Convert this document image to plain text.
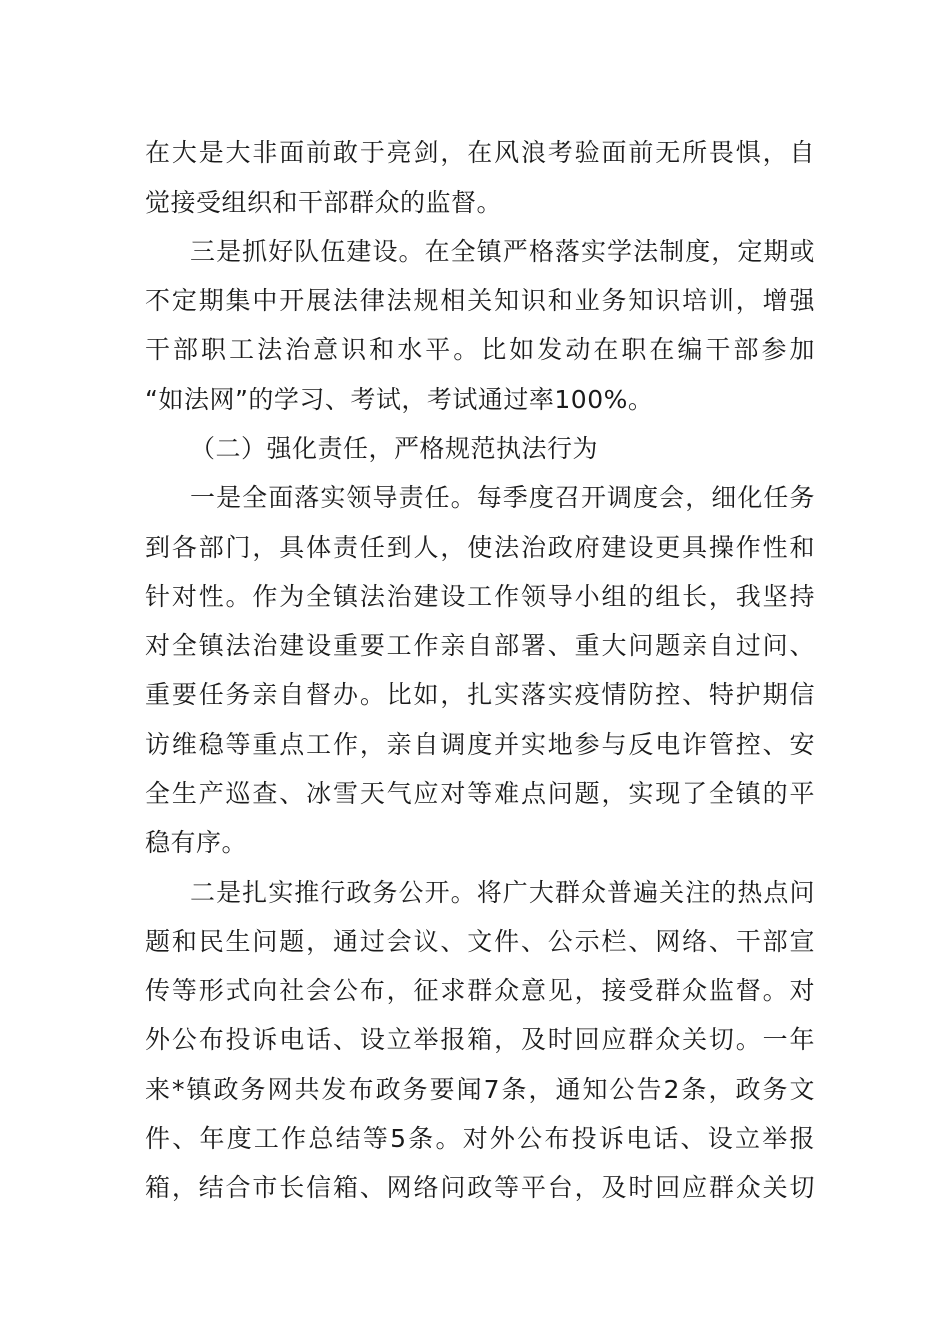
在大是大非面前敢于亮剑，在风浪考验面前无所畏惧，自
觉接受组织和干部群众的监督。
三是抓好队伍建设。在全镇严格落实学法制度，定期或
不定期集中开展法律法规相关知识和业务知识培训，增强
干部职工法治意识和水平。比如发动在职在编干部参加
“如法网”的学习、考试，考试通过率100%。
（二）强化责任，严格规范执法行为
一是全面落实领导责任。每季度召开调度会，细化任务
到各部门，具体责任到人，使法治政府建设更具操作性和
针对性。作为全镇法治建设工作领导小组的组长，我坚持
对全镇法治建设重要工作亲自部署、重大问题亲自过问、
重要任务亲自督办。比如，扎实落实疫情防控、特护期信
访维稳等重点工作，亲自调度并实地参与反电诈管控、安
全生产巡查、冰雪天气应对等难点问题，实现了全镇的平
稳有序。
二是扎实推行政务公开。将广大群众普遍关注的热点问
题和民生问题，通过会议、文件、公示栏、网络、干部宣
传等形式向社会公布，征求群众意见，接受群众监督。对
外公布投诉电话、设立举报箱，及时回应群众关切。一年
来*镇政务网共发布政务要闻7条，通知公告2条，政务文
件、年度工作总结等5条。对外公布投诉电话、设立举报
箱，结合市长信箱、网络问政等平台，及时回应群众关切
